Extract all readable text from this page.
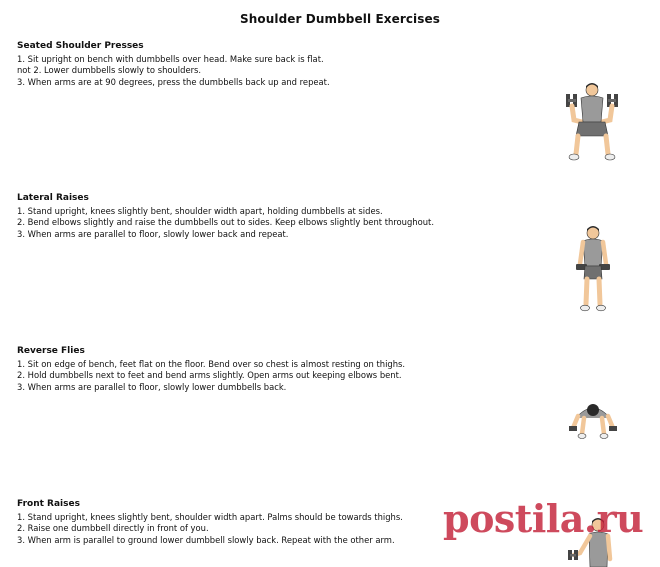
Shoulder Dumbbell Exercises
Seated Shoulder Presses
1. Sit upright on bench with dumbbells over head. Make sure back is flat.
not 2. Lower dumbbells slowly to shoulders.
3. When arms are at 90 degrees, press the dumbbells back up and repeat.
Lateral Raises
1. Stand upright, knees slightly bent, shoulder width apart, holding dumbbells at sides.
2. Bend elbows slightly and raise the dumbbells out to sides. Keep elbows slightly bent throughout.
3. When arms are parallel to floor, slowly lower back and repeat.
Reverse Flies
1. Sit on edge of bench, feet flat on the floor. Bend over so chest is almost resting on thighs.
2. Hold dumbbells next to feet and bend arms slightly. Open arms out keeping elbows bent.
3. When arms are parallel to floor, slowly lower dumbbells back.
Front Raises
1. Stand upright, knees slightly bent, shoulder width apart. Palms should be towards thighs.
2. Raise one dumbbell directly in front of you.
3. When arm is parallel to ground lower dumbbell slowly back. Repeat with the other arm.	postila.ru
